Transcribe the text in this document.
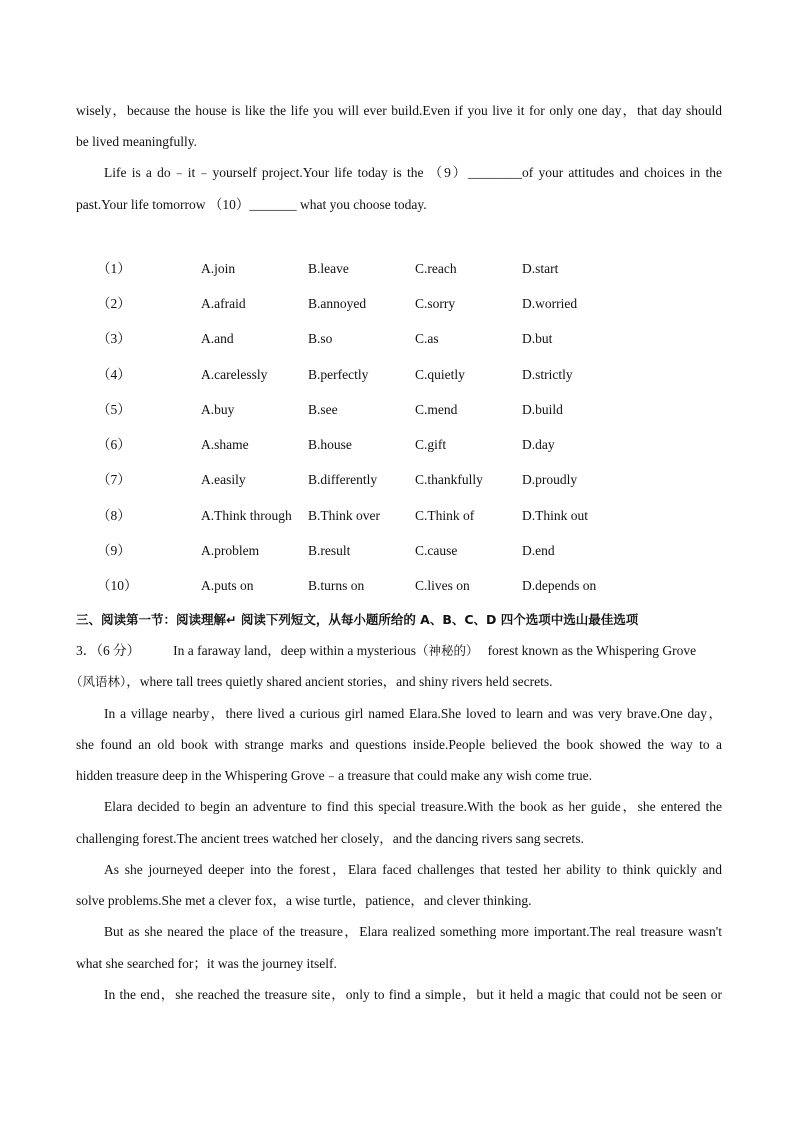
wisely，because the house is like the life you will ever build.Even if you live it for only one day，that day should
be lived meaningfully.
Life is a do﹣it﹣yourself project.Your life today is the （9）________of your attitudes and choices in the
past.Your life tomorrow （10）_______ what you choose today.
（1）	A.join	B.leave	C.reach	D.start
（2）	A.afraid	B.annoyed	C.sorry	D.worried
（3）	A.and	B.so	C.as	D.but
（4）	A.carelessly	B.perfectly	C.quietly	D.strictly
（5）	A.buy	B.see	C.mend	D.build
（6）	A.shame	B.house	C.gift	D.day
（7）	A.easily	B.differently	C.thankfully	D.proudly
（8）	A.Think through B.Think over	C.Think of	D.Think out
（9）	A.problem	B.result	C.cause	D.end
（10）	A.puts on	B.turns on	C.lives on	D.depends on
三、阅读第一节：阅读理解↵ 阅读下列短文，从每小题所给的 A、B、C、D 四个选项中选山最佳选项
3．（6 分） In a faraway land，deep within a mysterious（神秘的） forest known as the Whispering Grove
（风语林），where tall trees quietly shared ancient stories，and shiny rivers held secrets.
In a village nearby，there lived a curious girl named Elara.She loved to learn and was very brave.One day，
she found an old book with strange marks and questions inside.People believed the book showed the way to a
hidden treasure deep in the Whispering Grove﹣a treasure that could make any wish come true.
Elara decided to begin an adventure to find this special treasure.With the book as her guide，she entered the
challenging forest.The ancient trees watched her closely，and the dancing rivers sang secrets.
As she journeyed deeper into the forest，Elara faced challenges that tested her ability to think quickly and
solve problems.She met a clever fox，a wise turtle，patience，and clever thinking.
But as she neared the place of the treasure，Elara realized something more important.The real treasure wasn't
what she searched for；it was the journey itself.
In the end，she reached the treasure site，only to find a simple，but it held a magic that could not be seen or
